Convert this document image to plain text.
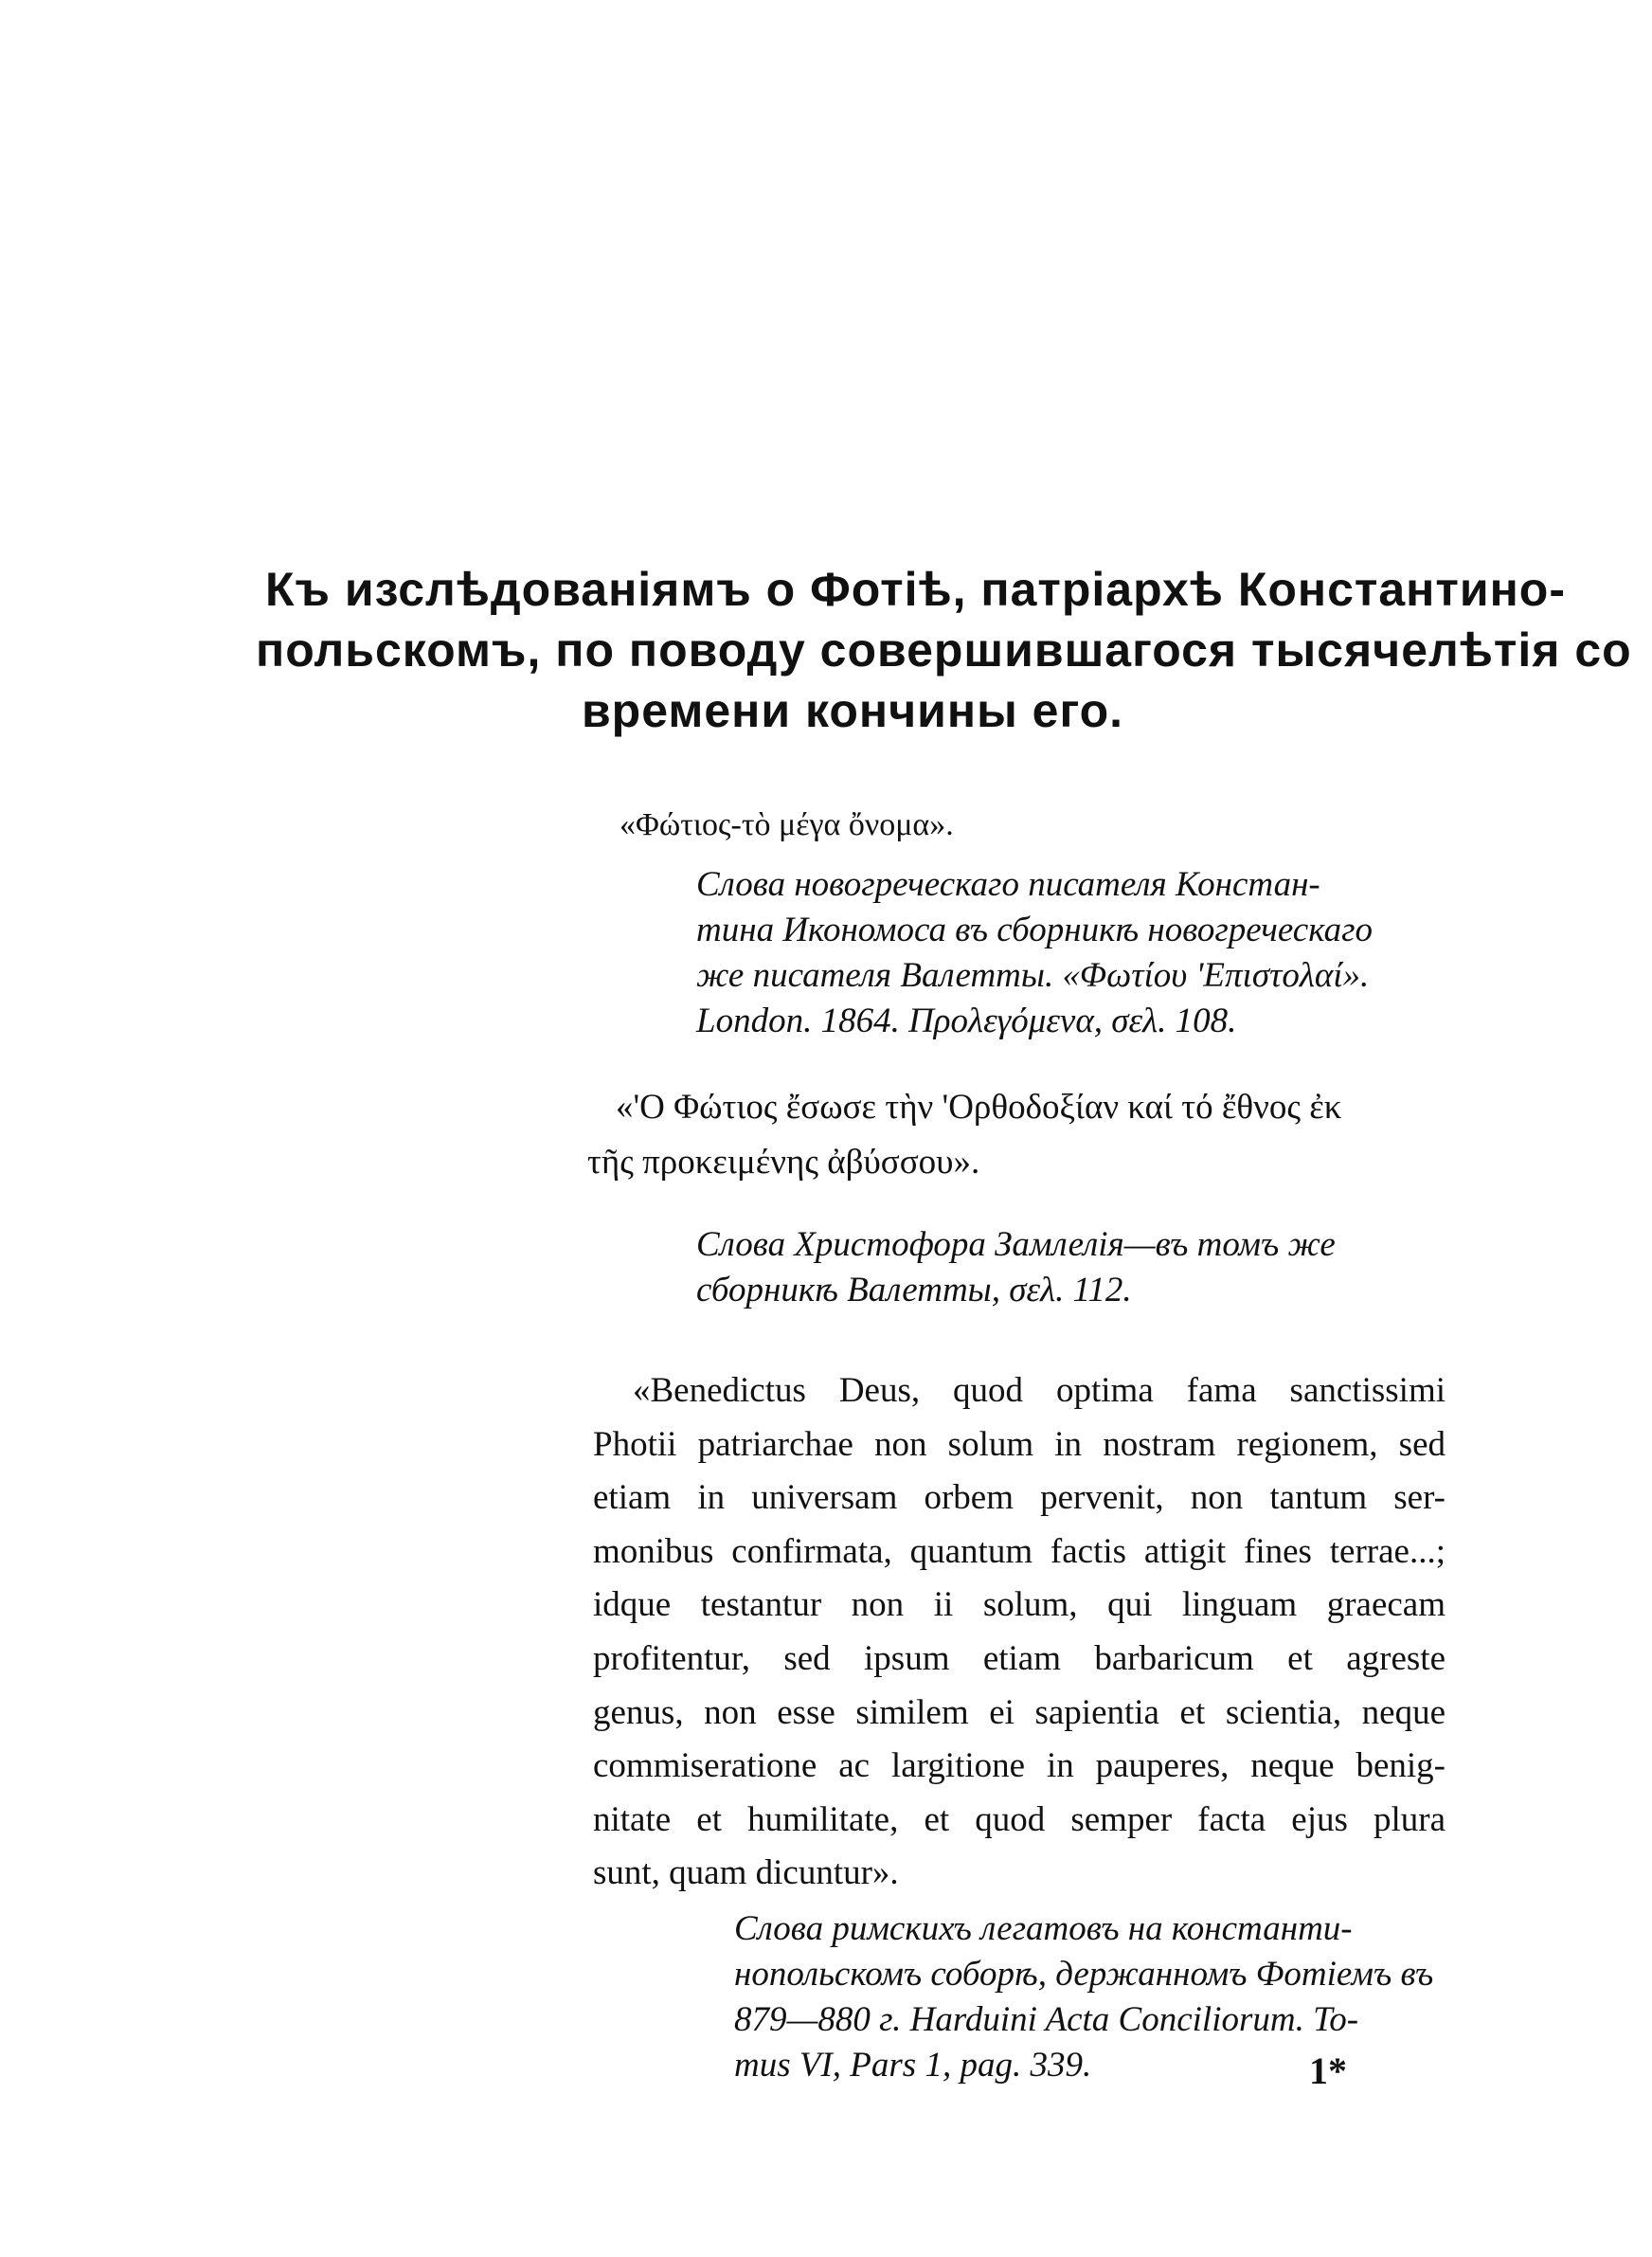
Къ изслѣдованіямъ о Фотіѣ, патріархѣ Константино-
польскомъ, по поводу совершившагося тысячелѣтія со
времени кончины его.
«Φώτιος-τὸ μέγα ὄνομα».
Слова новогреческаго писателя Констан-
тина Икономоса въ сборникѣ новогреческаго
же писателя Валетты. «Φωτίου 'Επιστολαί».
London. 1864. Προλεγόμενα, σελ. 108.
«'Ο Φώτιος ἔσωσε τὴν 'Ορθοδοξίαν καί τό ἔθνος ἐκ
τῆς προκειμένης ἀβύσσου».
Слова Христофора Замлелія—въ томъ же
сборникѣ Валетты, σελ. 112.
«Benedictus Deus, quod optima fama sanctissimi
Photii patriarchae non solum in nostram regionem, sed
etiam in universam orbem pervenit, non tantum ser-
monibus confirmata, quantum factis attigit fines terrae...;
idque testantur non ii solum, qui linguam graecam
profitentur, sed ipsum etiam barbaricum et agreste
genus, non esse similem ei sapientia et scientia, neque
commiseratione ac largitione in pauperes, neque benig-
nitate et humilitate, et quod semper facta ejus plura
sunt, quam dicuntur».
Слова римскихъ легатовъ на константи-
нопольскомъ соборѣ, держанномъ Фотіемъ въ
879—880 г. Harduini Acta Conciliorum. To-
mus VI, Pars 1, pag. 339.	1*
